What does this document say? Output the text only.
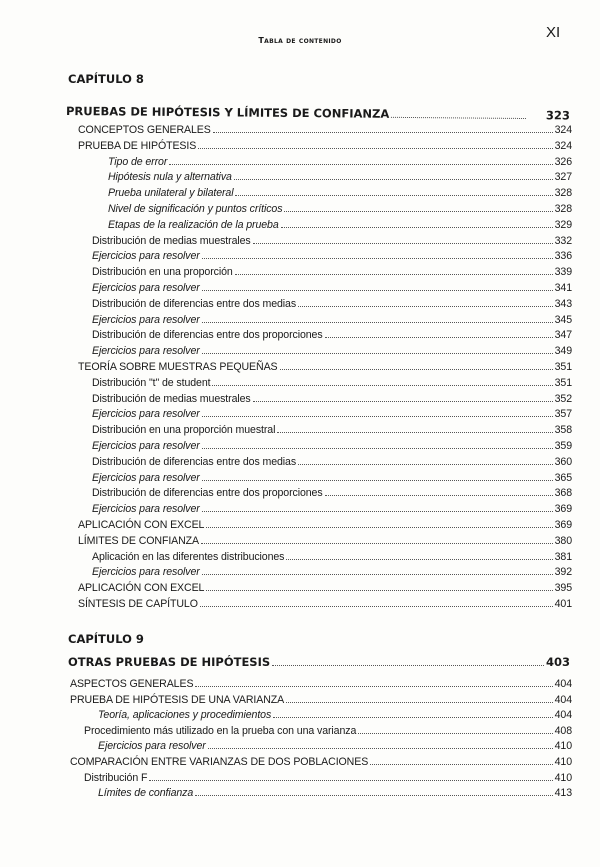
Tabla de contenido	XI
CAPÍTULO 8
PRUEBAS DE HIPÓTESIS Y LÍMITES DE CONFIANZA	323
CONCEPTOS GENERALES	324
PRUEBA DE HIPÓTESIS	324
Tipo de error	326
Hipótesis nula y alternativa	327
Prueba unilateral y bilateral	328
Nivel de significación y puntos críticos	328
Etapas de la realización de la prueba	329
Distribución de medias muestrales	332
Ejercicios para resolver	336
Distribución en una proporción	339
Ejercicios para resolver	341
Distribución de diferencias entre dos medias	343
Ejercicios para resolver	345
Distribución de diferencias entre dos proporciones	347
Ejercicios para resolver	349
TEORÍA SOBRE MUESTRAS PEQUEÑAS	351
Distribución "t" de student	351
Distribución de medias muestrales	352
Ejercicios para resolver	357
Distribución en una proporción muestral	358
Ejercicios para resolver	359
Distribución de diferencias entre dos medias	360
Ejercicios para resolver	365
Distribución de diferencias entre dos proporciones	368
Ejercicios para resolver	369
APLICACIÓN CON EXCEL	369
LÍMITES DE CONFIANZA	380
Aplicación en las diferentes distribuciones	381
Ejercicios para resolver	392
APLICACIÓN CON EXCEL	395
SÍNTESIS DE CAPÍTULO	401
CAPÍTULO 9
OTRAS PRUEBAS DE HIPÓTESIS	403
ASPECTOS GENERALES	404
PRUEBA DE HIPÓTESIS DE UNA VARIANZA	404
Teoría, aplicaciones y procedimientos	404
Procedimiento más utilizado en la prueba con una varianza	408
Ejercicios para resolver	410
COMPARACIÓN ENTRE VARIANZAS DE DOS POBLACIONES	410
Distribución F	410
Límites de confianza	413
